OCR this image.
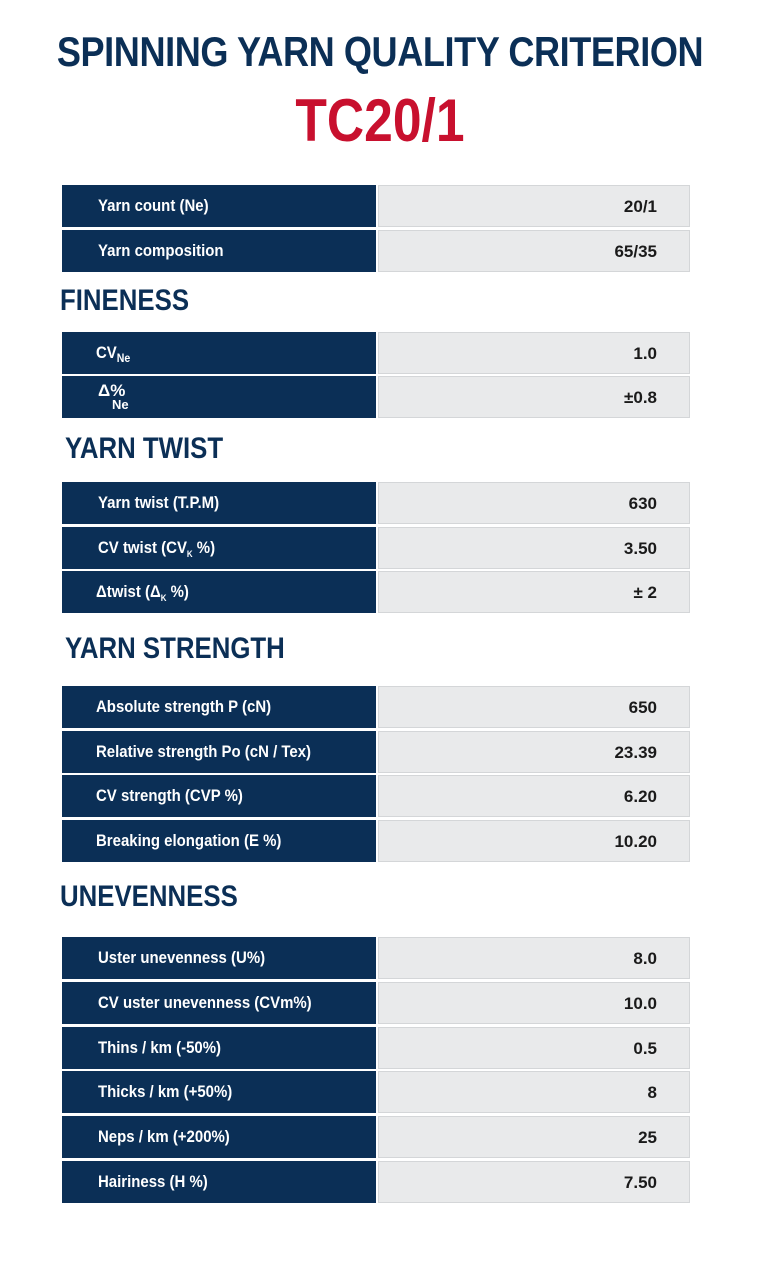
SPINNING YARN QUALITY CRITERION
TC20/1
Yarn count (Ne)	20/1
Yarn composition	65/35
FINENESS
$CV_{Ne}$	1.0
Δ%
Ne	±0.8
YARN TWIST
Yarn twist (T.P.M)	630
CV twist ($CV_K$ %)	3.50
Δtwist ($\Delta_K$ %)	± 2
YARN STRENGTH
Absolute strength P (cN)	650
Relative strength Po (cN / Tex)	23.39
CV strength (CVP %)	6.20
Breaking elongation (E %)	10.20
UNEVENNESS
Uster unevenness (U%)	8.0
CV uster unevenness (CVm%)	10.0
Thins / km (-50%)	0.5
Thicks / km (+50%)	8
Neps / km (+200%)	25
Hairiness (H %)	7.50
